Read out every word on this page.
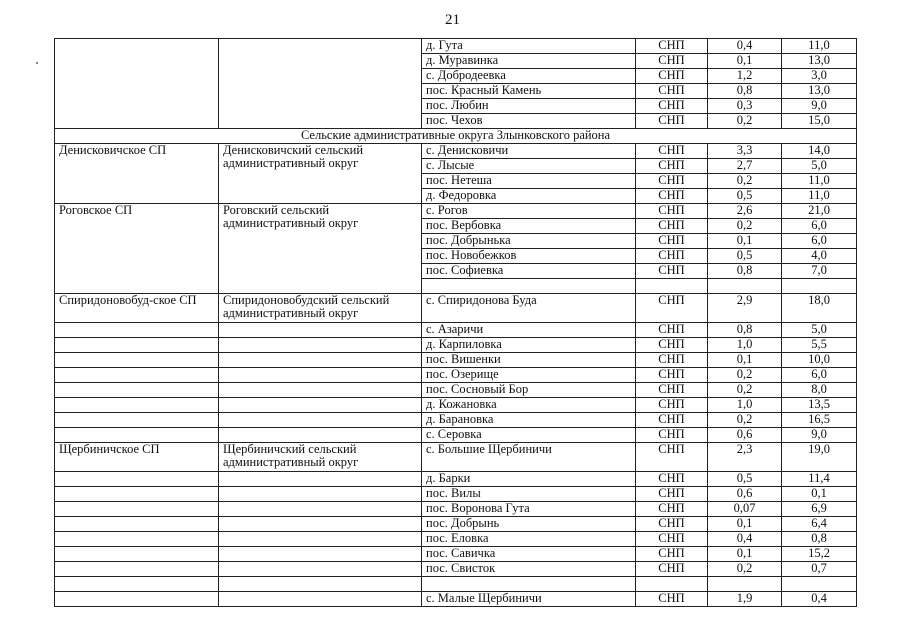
21
		д. Гута	СНП	0,4	11,0
		д. Муравинка	СНП	0,1	13,0
		с. Добродеевка	СНП	1,2	3,0
		пос. Красный Камень	СНП	0,8	13,0
		пос. Любин	СНП	0,3	9,0
		пос. Чехов	СНП	0,2	15,0
Сельские административные округа Злынковского района					
Денисковичское СП	Денисковичский сельский административный округ	с. Денисковичи	СНП	3,3	14,0
		с. Лысые	СНП	2,7	5,0
		пос. Нетеша	СНП	0,2	11,0
		д. Федоровка	СНП	0,5	11,0
Роговское СП	Роговский сельский административный округ	с. Рогов	СНП	2,6	21,0
		пос. Вербовка	СНП	0,2	6,0
		пос. Добрынька	СНП	0,1	6,0
		пос. Новобежков	СНП	0,5	4,0
		пос. Софиевка	СНП	0,8	7,0

Спиридоновобуд-ское СП	Спиридоновобудский сельский административный округ	с. Спиридонова Буда	СНП	2,9	18,0
		с. Азаричи	СНП	0,8	5,0
		д. Карпиловка	СНП	1,0	5,5
		пос. Вишенки	СНП	0,1	10,0
		пос. Озерище	СНП	0,2	6,0
		пос. Сосновый Бор	СНП	0,2	8,0
		д. Кожановка	СНП	1,0	13,5
		д. Барановка	СНП	0,2	16,5
		с. Серовка	СНП	0,6	9,0
Щербиничское СП	Щербиничский сельский административный округ	с. Большие Щербиничи	СНП	2,3	19,0
		д. Барки	СНП	0,5	11,4
		пос. Вилы	СНП	0,6	0,1
		пос. Воронова Гута	СНП	0,07	6,9
		пос. Добрынь	СНП	0,1	6,4
		пос. Еловка	СНП	0,4	0,8
		пос. Савичка	СНП	0,1	15,2
		пос. Свисток	СНП	0,2	0,7

		с. Малые Щербиничи	СНП	1,9	0,4
